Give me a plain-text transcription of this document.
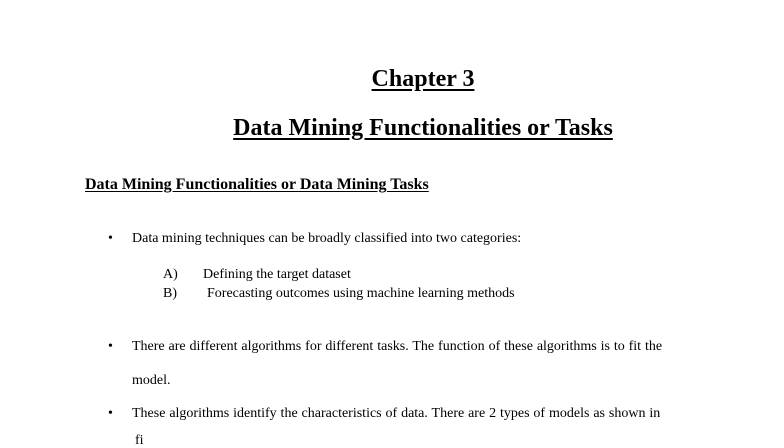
Chapter 3
Data Mining Functionalities or Tasks
Data Mining Functionalities or Data Mining Tasks
• Data mining techniques can be broadly classified into two categories:
A) Defining the target dataset
B) Forecasting outcomes using machine learning methods
• There are different algorithms for different tasks. The function of these algorithms is to fit the
model.
• These algorithms identify the characteristics of data. There are 2 types of models as shown in
fi
